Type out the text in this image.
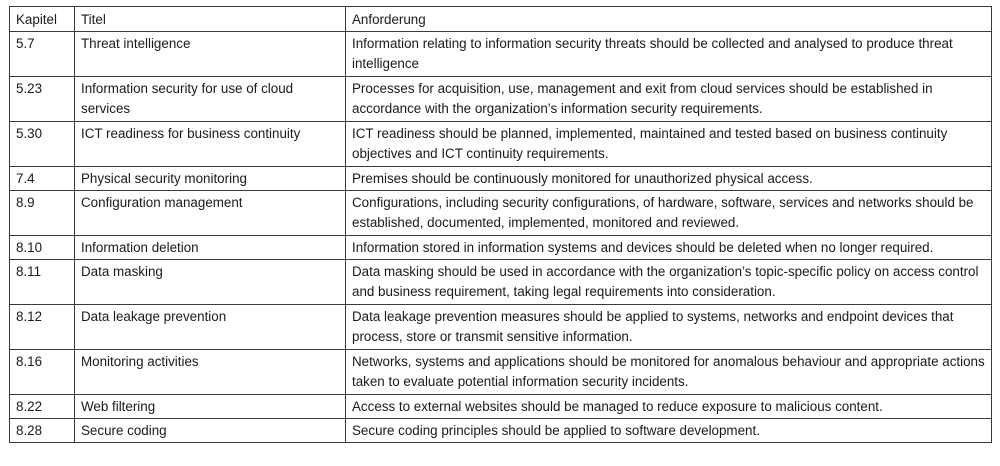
Kapitel	Titel	Anforderung
5.7	Threat intelligence	Information relating to information security threats should be collected and analysed to produce threat intelligence
5.23	Information security for use of cloud services	Processes for acquisition, use, management and exit from cloud services should be established in accordance with the organization’s information security requirements.
5.30	ICT readiness for business continuity	ICT readiness should be planned, implemented, maintained and tested based on business continuity objectives and ICT continuity requirements.
7.4	Physical security monitoring	Premises should be continuously monitored for unauthorized physical access.
8.9	Configuration management	Configurations, including security configurations, of hardware, software, services and networks should be established, documented, implemented, monitored and reviewed.
8.10	Information deletion	Information stored in information systems and devices should be deleted when no longer required.
8.11	Data masking	Data masking should be used in accordance with the organization’s topic-specific policy on access control and business requirement, taking legal requirements into consideration.
8.12	Data leakage prevention	Data leakage prevention measures should be applied to systems, networks and endpoint devices that process, store or transmit sensitive information.
8.16	Monitoring activities	Networks, systems and applications should be monitored for anomalous behaviour and appropriate actions taken to evaluate potential information security incidents.
8.22	Web filtering	Access to external websites should be managed to reduce exposure to malicious content.
8.28	Secure coding	Secure coding principles should be applied to software development.
